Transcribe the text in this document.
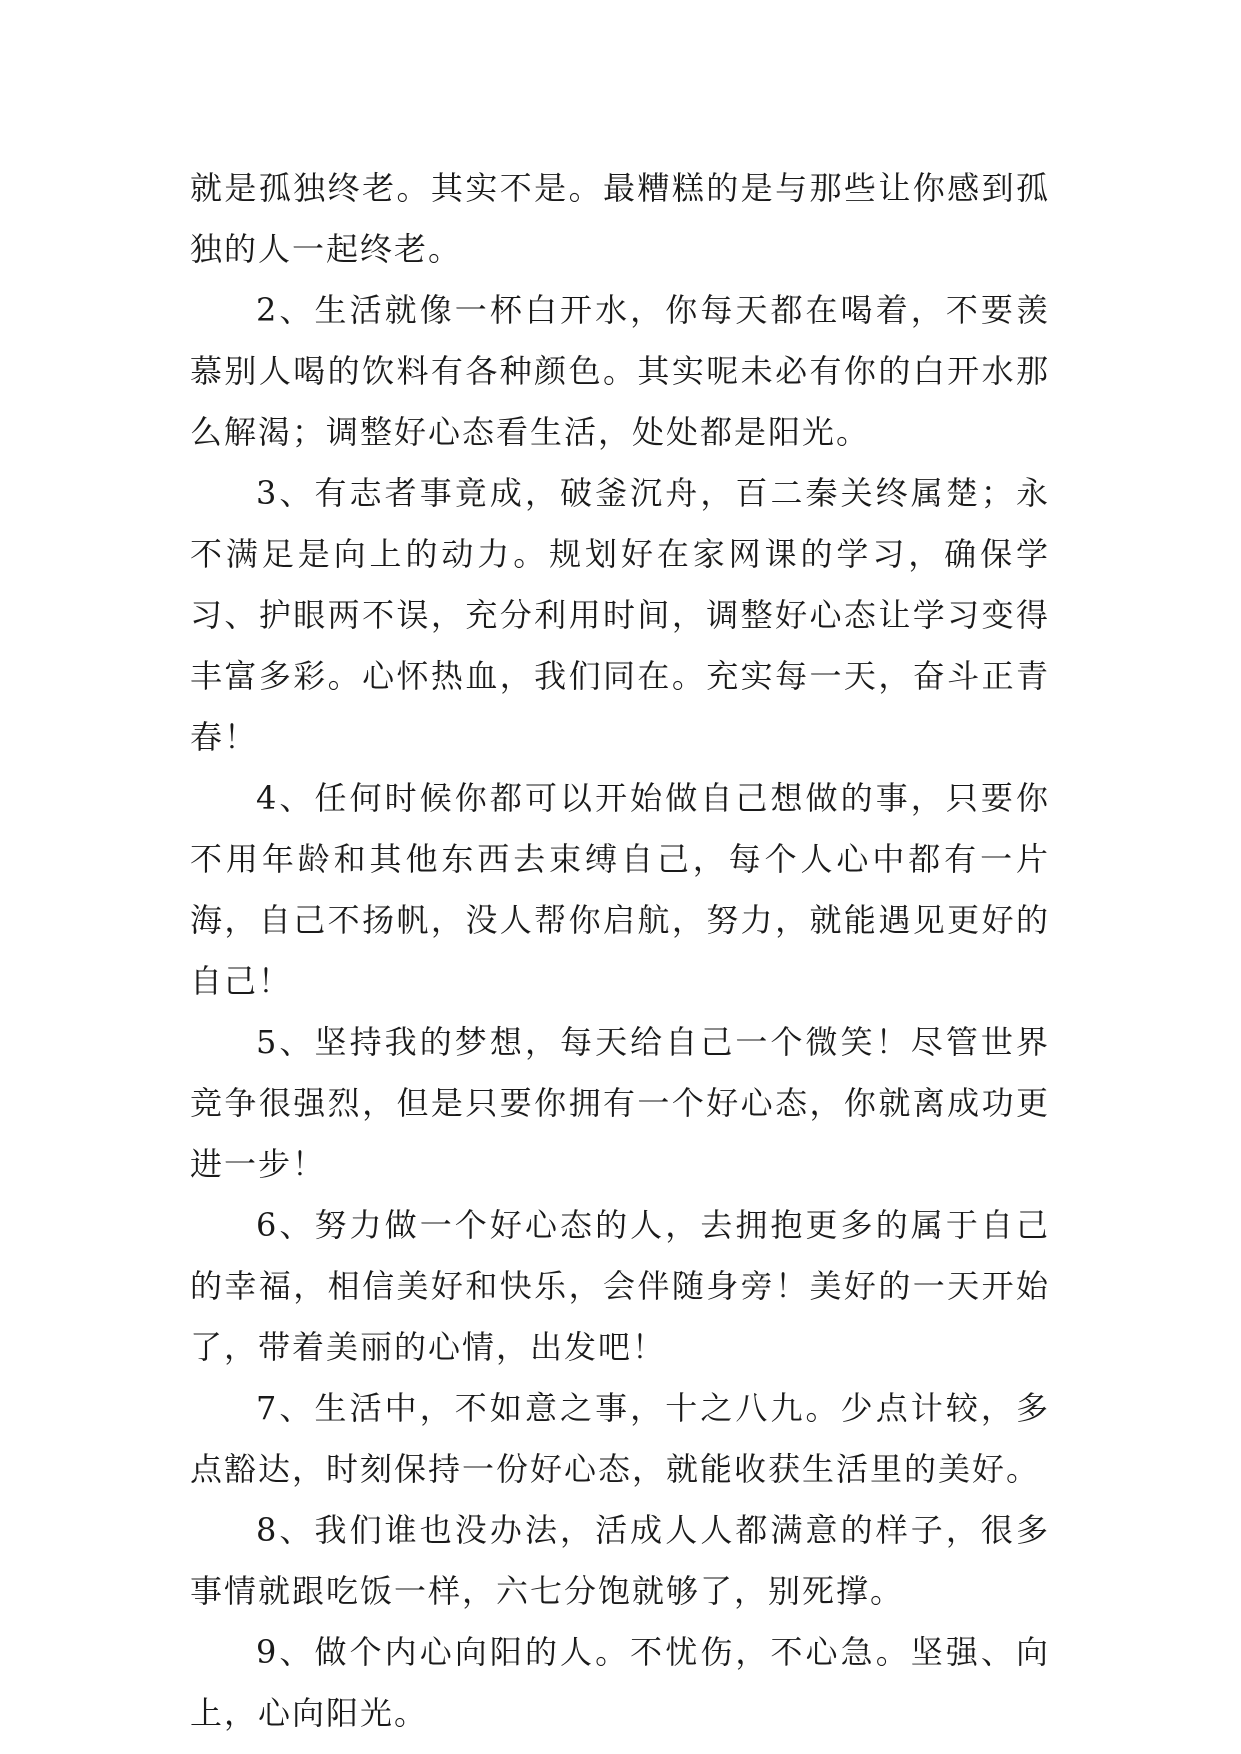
就是孤独终老。其实不是。最糟糕的是与那些让你感到孤独的人一起终老。

2、生活就像一杯白开水，你每天都在喝着，不要羡慕别人喝的饮料有各种颜色。其实呢未必有你的白开水那么解渴；调整好心态看生活，处处都是阳光。

3、有志者事竟成，破釜沉舟，百二秦关终属楚；永不满足是向上的动力。规划好在家网课的学习，确保学习、护眼两不误，充分利用时间，调整好心态让学习变得丰富多彩。心怀热血，我们同在。充实每一天，奋斗正青春！

4、任何时候你都可以开始做自己想做的事，只要你不用年龄和其他东西去束缚自己，每个人心中都有一片海，自己不扬帆，没人帮你启航，努力，就能遇见更好的自己！

5、坚持我的梦想，每天给自己一个微笑！尽管世界竞争很强烈，但是只要你拥有一个好心态，你就离成功更进一步！

6、努力做一个好心态的人，去拥抱更多的属于自己的幸福，相信美好和快乐，会伴随身旁！美好的一天开始了，带着美丽的心情，出发吧！

7、生活中，不如意之事，十之八九。少点计较，多点豁达，时刻保持一份好心态，就能收获生活里的美好。

8、我们谁也没办法，活成人人都满意的样子，很多事情就跟吃饭一样，六七分饱就够了，别死撑。

9、做个内心向阳的人。不忧伤，不心急。坚强、向上，心向阳光。
